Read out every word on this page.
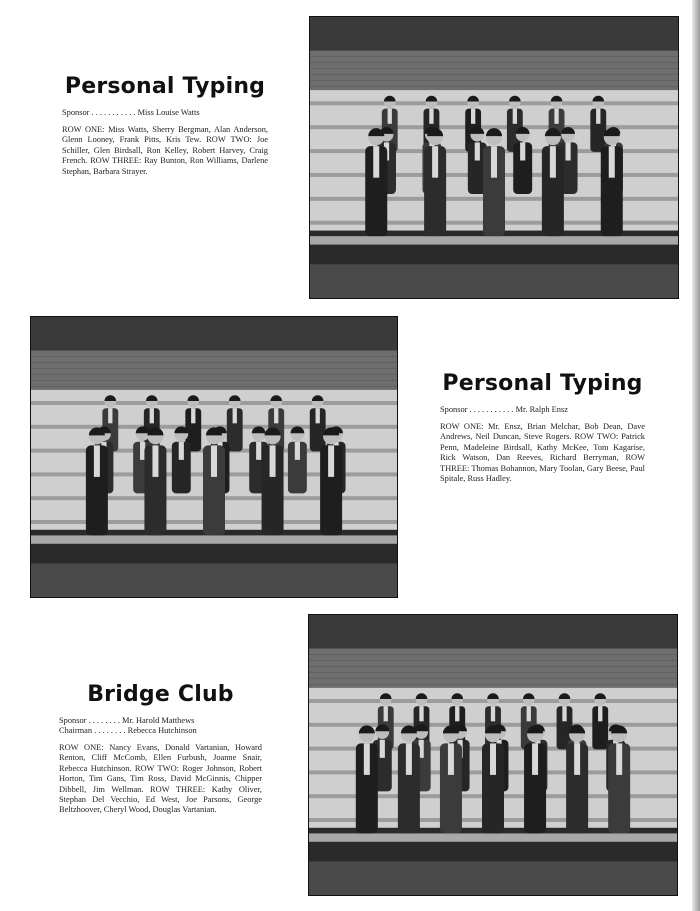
Personal Typing
Sponsor . . . . . . . . . . . Miss Louise Watts
ROW ONE: Miss Watts, Sherry Bergman, Alan Anderson, Glenn Looney, Frank Pitts, Kris Tew. ROW TWO: Joe Schiller, Glen Birdsall, Ron Kelley, Robert Harvey, Craig French. ROW THREE: Ray Bunton, Ron Williams, Darlene Stephan, Barbara Strayer.
Personal Typing
Sponsor . . . . . . . . . . . Mr. Ralph Ensz
ROW ONE: Mr. Ensz, Brian Melchar, Bob Dean, Dave Andrews, Neil Duncan, Steve Rogers. ROW TWO: Patrick Penn, Madeleine Birdsall, Kathy McKee, Tom Kagarise, Rick Watson, Dan Reeves, Richard Berryman, ROW THREE: Thomas Bohannon, Mary Toolan, Gary Beese, Paul Spitale, Russ Hadley.
Bridge Club
Sponsor . . . . . . . . Mr. Harold Matthews
Chairman . . . . . . . . Rebecca Hutchinson
ROW ONE: Nancy Evans, Donald Vartanian, Howard Renton, Cliff McComb, Ellen Furbush, Joanne Snair, Rebecca Hutchinson. ROW TWO: Roger Johnson, Robert Horton, Tim Gans, Tim Ross, David McGinnis, Chipper Dibbell, Jim Wellman. ROW THREE: Kathy Oliver, Stephan Del Vecchio, Ed West, Joe Parsons, George Beltzhoover, Cheryl Wood, Douglas Vartanian.
